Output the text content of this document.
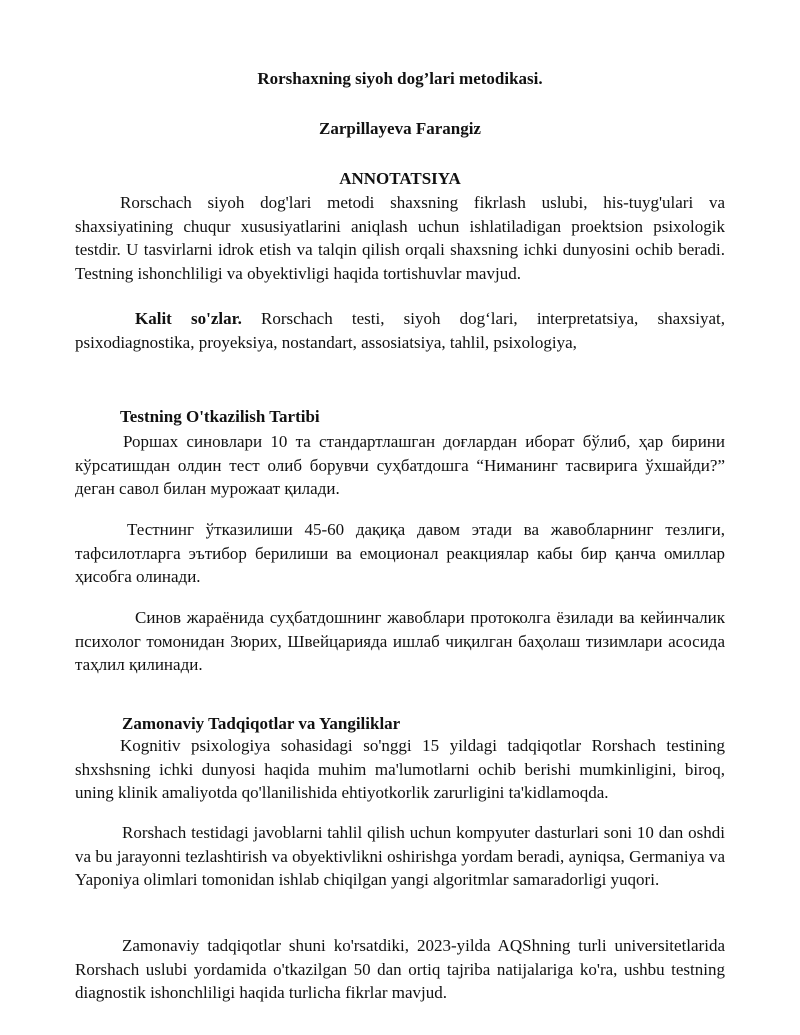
Rorshaxning siyoh dog’lari metodikasi.
Zarpillayeva Farangiz
ANNOTATSIYA
Rorschach siyoh dog'lari metodi shaxsning fikrlash uslubi, his-tuyg'ulari va shaxsiyatining chuqur xususiyatlarini aniqlash uchun ishlatiladigan proektsion psixologik testdir. U tasvirlarni idrok etish va talqin qilish orqali shaxsning ichki dunyosini ochib beradi. Testning ishonchliligi va obyektivligi haqida tortishuvlar mavjud.
Kalit so'zlar. Rorschach testi, siyoh dog‘lari, interpretatsiya, shaxsiyat, psixodiagnostika, proyeksiya, nostandart, assosiatsiya, tahlil, psixologiya,
Testning O'tkazilish Tartibi
Роршах синовлари 10 та стандартлашган доғлардан иборат бўлиб, ҳар бирини кўрсатишдан олдин тест олиб борувчи суҳбатдошга “Ниманинг тасвирига ўхшайди?” деган савол билан мурожаат қилади.
Тестнинг ўтказилиши 45-60 дақиқа давом этади ва жавобларнинг тезлиги, тафсилотларга эътибор берилиши ва емоционал реакциялар кабы бир қанча омиллар ҳисобга олинади.
Синов жараёнида суҳбатдошнинг жавоблари протоколга ёзилади ва кейинчалик психолог томонидан Зюрих, Швейцарияда ишлаб чиқилган баҳолаш тизимлари асосида таҳлил қилинади.
Zamonaviy Tadqiqotlar va Yangiliklar
Kognitiv psixologiya sohasidagi so'nggi 15 yildagi tadqiqotlar Rorshach testining shxshsning ichki dunyosi haqida muhim ma'lumotlarni ochib berishi mumkinligini, biroq, uning klinik amaliyotda qo'llanilishida ehtiyotkorlik zarurligini ta'kidlamoqda.
Rorshach testidagi javoblarni tahlil qilish uchun kompyuter dasturlari soni 10 dan oshdi va bu jarayonni tezlashtirish va obyektivlikni oshirishga yordam beradi, ayniqsa, Germaniya va Yaponiya olimlari tomonidan ishlab chiqilgan yangi algoritmlar samaradorligi yuqori.
Zamonaviy tadqiqotlar shuni ko'rsatdiki, 2023-yilda AQShning turli universitetlarida Rorshach uslubi yordamida o'tkazilgan 50 dan ortiq tajriba natijalariga ko'ra, ushbu testning diagnostik ishonchliligi haqida turlicha fikrlar mavjud.
